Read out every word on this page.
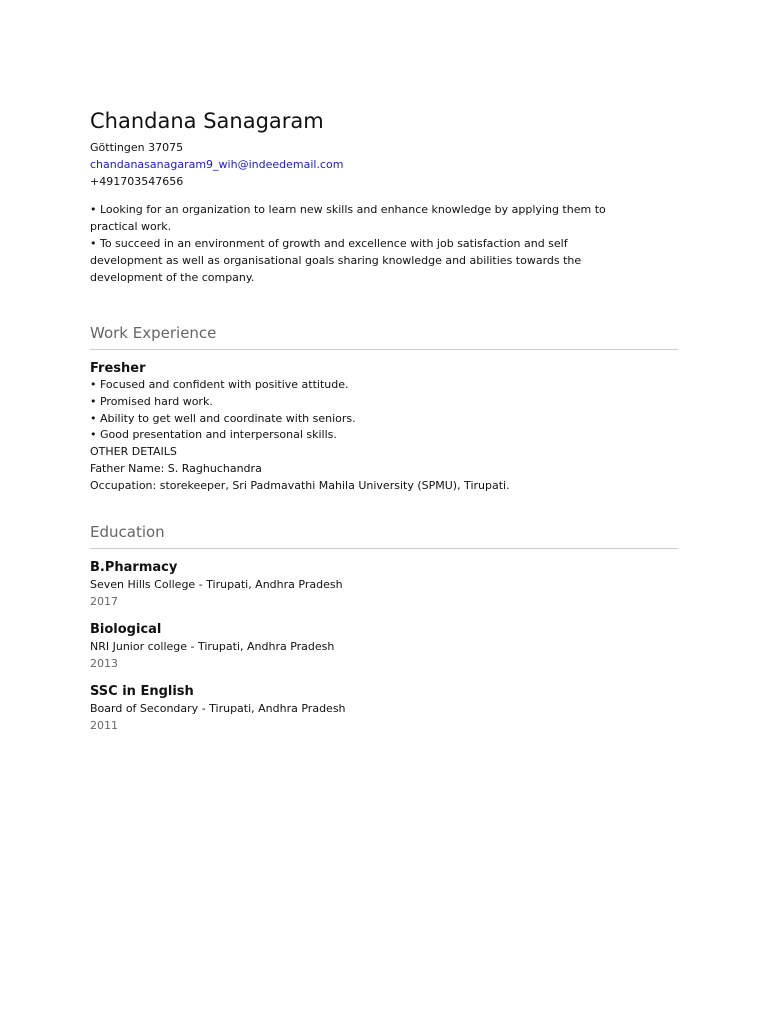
Chandana Sanagaram
Göttingen 37075
chandanasanagaram9_wih@indeedemail.com
+491703547656

• Looking for an organization to learn new skills and enhance knowledge by applying them to practical work.

• To succeed in an environment of growth and excellence with job satisfaction and self development as well as organisational goals sharing knowledge and abilities towards the development of the company.

Work Experience
Fresher
• Focused and confident with positive attitude.
• Promised hard work.
• Ability to get well and coordinate with seniors.
• Good presentation and interpersonal skills.
OTHER DETAILS
Father Name: S. Raghuchandra
Occupation: storekeeper, Sri Padmavathi Mahila University (SPMU), Tirupati.
Education
B.Pharmacy
Seven Hills College - Tirupati, Andhra Pradesh
2017
Biological
NRI Junior college - Tirupati, Andhra Pradesh
2013
SSC in English
Board of Secondary - Tirupati, Andhra Pradesh
2011
